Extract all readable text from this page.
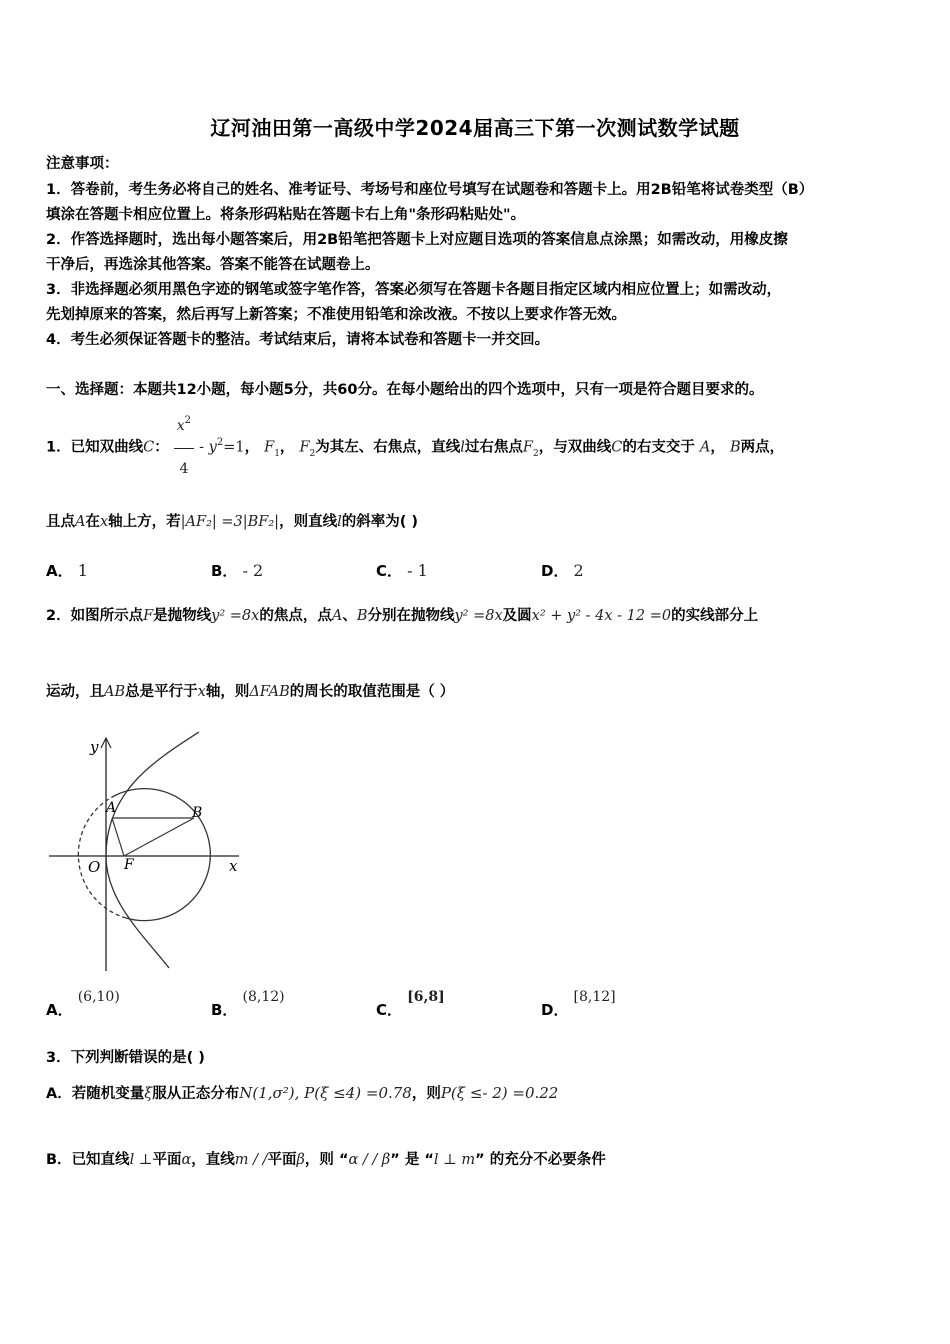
辽河油田第一高级中学2024届高三下第一次测试数学试题
注意事项：
1．答卷前，考生务必将自己的姓名、准考证号、考场号和座位号填写在试题卷和答题卡上。用2B铅笔将试卷类型（B）
填涂在答题卡相应位置上。将条形码粘贴在答题卡右上角"条形码粘贴处"。
2．作答选择题时，选出每小题答案后，用2B铅笔把答题卡上对应题目选项的答案信息点涂黑；如需改动，用橡皮擦
干净后，再选涂其他答案。答案不能答在试题卷上。
3．非选择题必须用黑色字迹的钢笔或签字笔作答，答案必须写在答题卡各题目指定区域内相应位置上；如需改动，
先划掉原来的答案，然后再写上新答案；不准使用铅笔和涂改液。不按以上要求作答无效。
4．考生必须保证答题卡的整洁。考试结束后，请将本试卷和答题卡一并交回。
一、选择题：本题共12小题，每小题5分，共60分。在每小题给出的四个选项中，只有一项是符合题目要求的。
1．已知双曲线C： $\frac{x^2}{4} - y^2=1$， $F_1$， $F_2$为其左、右焦点，直线l过右焦点$F_2$，与双曲线C的右支交于 A， B两点，
且点A在x轴上方，若|AF₂| =3|BF₂|，则直线l的斜率为( )
A． 1	B． - 2	C． - 1	D． 2
2．如图所示点F是抛物线y² =8x的焦点，点A、B分别在抛物线y² =8x及圆x² + y² - 4x - 12 =0的实线部分上
运动，且AB总是平行于x轴，则ΔFAB的周长的取值范围是（ ）
y
x
O F
A	B
A． (6,10)
B． (8,12)
C． [6,8]
D． [8,12]
3．下列判断错误的是( )
A．若随机变量ξ服从正态分布N(1,σ²), P(ξ ≤4) =0.78，则P(ξ ≤- 2) =0.22
B．已知直线l ⊥平面α，直线m / /平面β，则 “α / / β” 是 “l ⊥ m” 的充分不必要条件
